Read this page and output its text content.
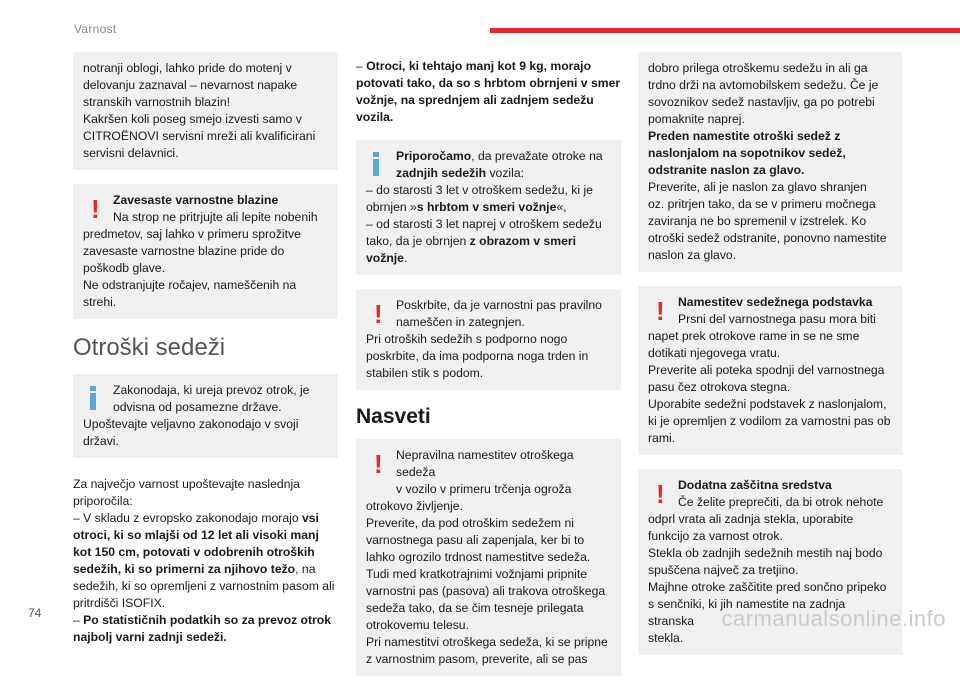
Varnost

notranji oblogi, lahko pride do motenj v

delovanju zaznaval – nevarnost napake

stranskih varnostnih blazin!

Kakršen koli poseg smejo izvesti samo v

CITROËNOVI servisni mreži ali kvalificirani

servisni delavnici.

!	Zavesaste varnostne blazine

Na strop ne pritrjujte ali lepite nobenih

predmetov, saj lahko v primeru sprožitve

zavesaste varnostne blazine pride do

poškodb glave.

Ne odstranjujte ročajev, nameščenih na

strehi.

Otroški sedeži

Zakonodaja, ki ureja prevoz otrok, je

odvisna od posamezne države.

Upoštevajte veljavno zakonodajo v svoji

državi.

Za največjo varnost upoštevajte naslednja

priporočila:

– V skladu z evropsko zakonodajo morajo vsi

otroci, ki so mlajši od 12 let ali visoki manj

kot 150 cm, potovati v odobrenih otroških

sedežih, ki so primerni za njihovo težo, na

sedežih, ki so opremljeni z varnostnim pasom ali

pritrdišči ISOFIX.

– Po statističnih podatkih so za prevoz otrok

najbolj varni zadnji sedeži.

– Otroci, ki tehtajo manj kot 9 kg, morajo

potovati tako, da so s hrbtom obrnjeni v smer

vožnje, na sprednjem ali zadnjem sedežu

vozila.

Priporočamo, da prevažate otroke na

zadnjih sedežih vozila:

– do starosti 3 let v otroškem sedežu, ki je

obrnjen »s hrbtom v smeri vožnje«,

– od starosti 3 let naprej v otroškem sedežu

tako, da je obrnjen z obrazom v smeri

vožnje.

!	Poskrbite, da je varnostni pas pravilno

nameščen in zategnjen.

Pri otroških sedežih s podporno nogo

poskrbite, da ima podporna noga trden in

stabilen stik s podom.

Nasveti
!	Nepravilna namestitev otroškega sedeža

v vozilo v primeru trčenja ogroža

otrokovo življenje.

Preverite, da pod otroškim sedežem ni

varnostnega pasu ali zapenjala, ker bi to

lahko ogrozilo trdnost namestitve sedeža.

Tudi med kratkotrajnimi vožnjami pripnite

varnostni pas (pasova) ali trakova otroškega

sedeža tako, da se čim tesneje prilegata

otrokovemu telesu.

Pri namestitvi otroškega sedeža, ki se pripne

z varnostnim pasom, preverite, ali se pas

dobro prilega otroškemu sedežu in ali ga

trdno drži na avtomobilskem sedežu. Če je

sovoznikov sedež nastavljiv, ga po potrebi

pomaknite naprej.

Preden namestite otroški sedež z

naslonjalom na sopotnikov sedež,

odstranite naslon za glavo.

Preverite, ali je naslon za glavo shranjen

oz. pritrjen tako, da se v primeru močnega

zaviranja ne bo spremenil v izstrelek. Ko

otroški sedež odstranite, ponovno namestite

naslon za glavo.

!	Namestitev sedežnega podstavka

Prsni del varnostnega pasu mora biti

napet prek otrokove rame in se ne sme

dotikati njegovega vratu.

Preverite ali poteka spodnji del varnostnega

pasu čez otrokova stegna.

Uporabite sedežni podstavek z naslonjalom,

ki je opremljen z vodilom za varnostni pas ob

rami.

!	Dodatna zaščitna sredstva

Če želite preprečiti, da bi otrok nehote

odprl vrata ali zadnja stekla, uporabite

funkcijo za varnost otrok.

Stekla ob zadnjih sedežnih mestih naj bodo

spuščena največ za tretjino.

Majhne otroke zaščitite pred sončno pripeko

s senčniki, ki jih namestite na zadnja stranska

stekla.

74	carmanualsonline.info
